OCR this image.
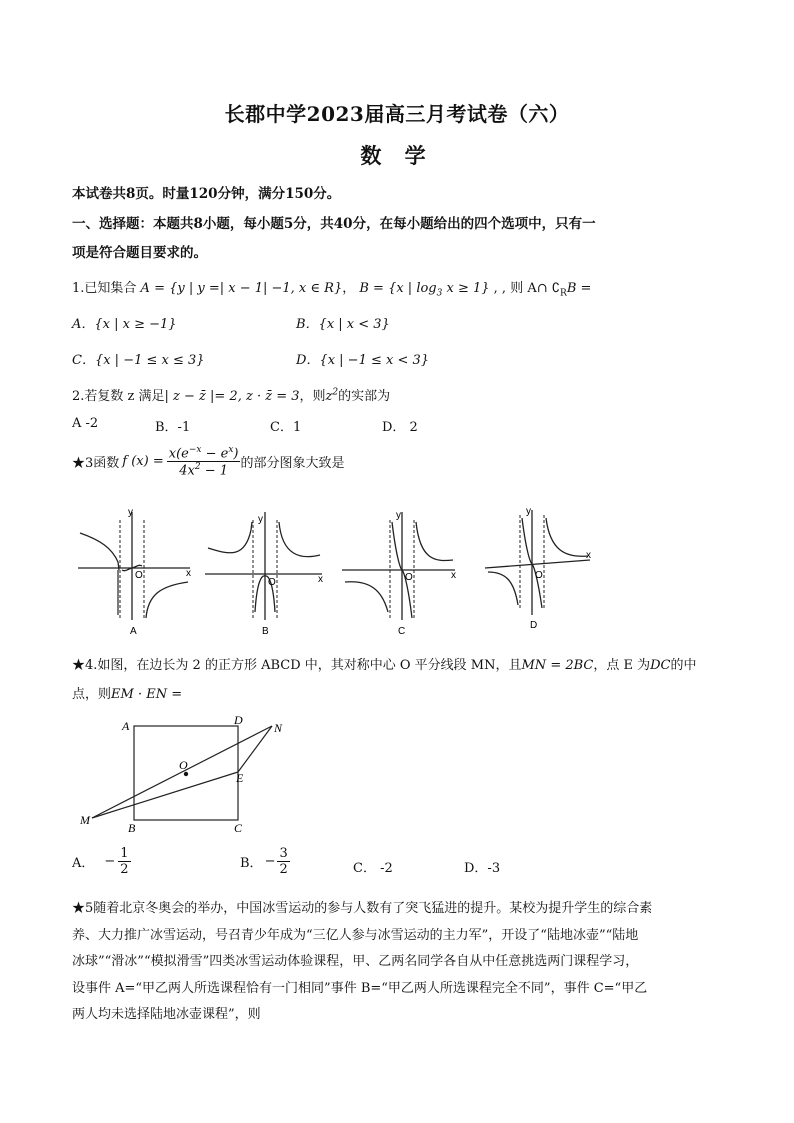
长郡中学2023届高三月考试卷（六）
数 学
本试卷共8页。时量120分钟，满分150分。
一、选择题：本题共8小题，每小题5分，共40分，在每小题给出的四个选项中，只有一
项是符合题目要求的。
1.已知集合 A = {y | y =| x − 1| −1, x ∈ R}， B = {x | $\log_3 x \ge 1$} , , 则 A∩ $∁_RB$ =
A．{x | x ≥ −1}	B．{x | x < 3}
C．{x | −1 ≤ x ≤ 3}	D．{x | −1 ≤ x < 3}
2.若复数 z 满足| z − z̄ |= 2, z · z̄ = 3，则$z^2$的实部为
A -2	B．-1	C．1	D． 2
★3函数 f $(x) = \frac{x(e^{-x} - e^x)}{4x^2 - 1}$ 的部分图象大致是
y
x
O
A
y
x
O
B
y
x
O
C
y
x
O
D
★4.如图，在边长为 2 的正方形 ABCD 中，其对称中心 O 平分线段 MN，且MN = 2BC，点 E 为DC的中
点，则EM · EN =
A	D
N
O
E
M
B	C
A． − $\frac{1}{2}$	B． − $\frac{3}{2}$	C． -2	D．-3
★5随着北京冬奥会的举办，中国冰雪运动的参与人数有了突飞猛进的提升。某校为提升学生的综合素
养、大力推广冰雪运动，号召青少年成为“三亿人参与冰雪运动的主力军”，开设了“陆地冰壶”“陆地
冰球”“滑冰”“模拟滑雪”四类冰雪运动体验课程，甲、乙两名同学各自从中任意挑选两门课程学习，
设事件 A=“甲乙两人所选课程恰有一门相同”事件 B=“甲乙两人所选课程完全不同”，事件 C=“甲乙
两人均未选择陆地冰壶课程”，则
